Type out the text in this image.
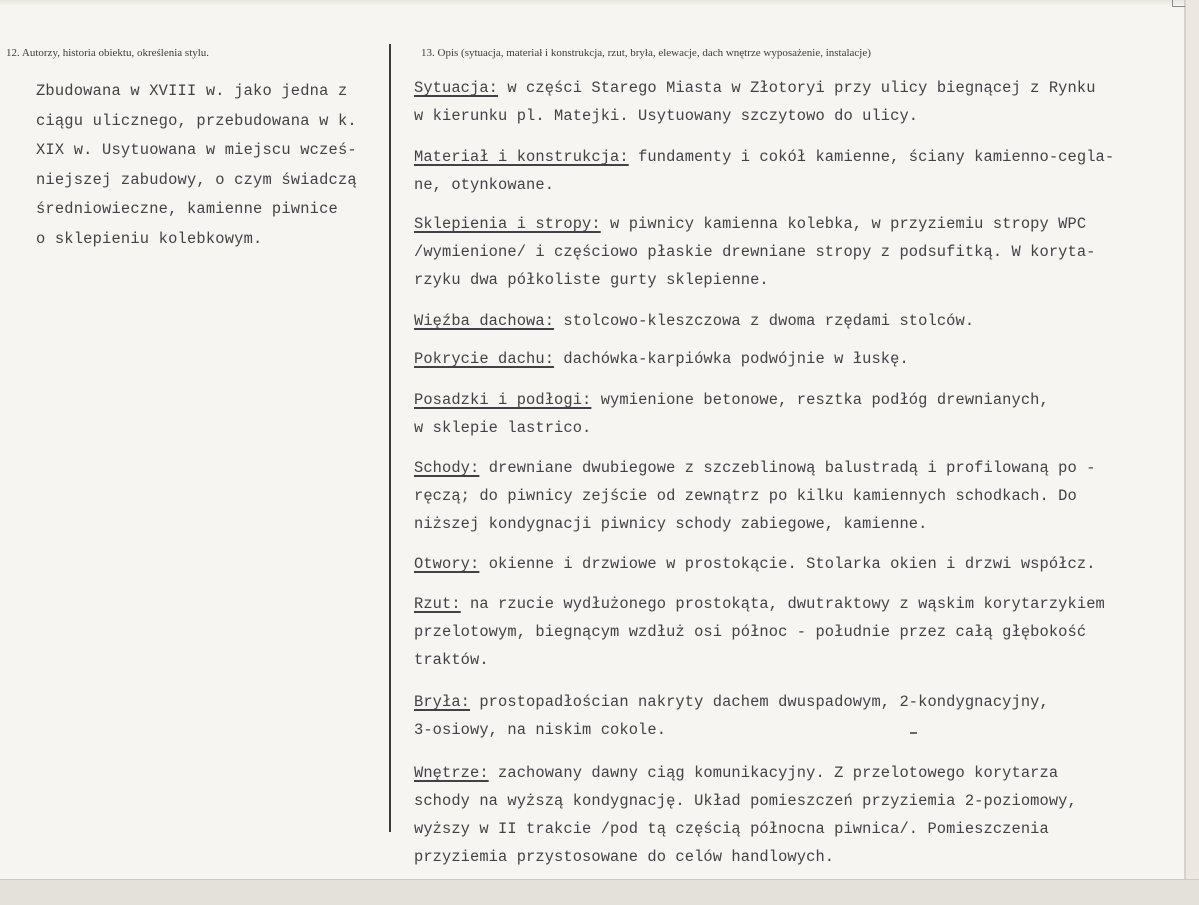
12. Autorzy, historia obiektu, określenia stylu.	13. Opis (sytuacja, materiał i konstrukcja, rzut, bryła, elewacje, dach wnętrze wyposażenie, instalacje)
Zbudowana w XVIII w. jako jedna z
ciągu ulicznego, przebudowana w k.
XIX w. Usytuowana w miejscu wcześ-
niejszej zabudowy, o czym świadczą
średniowieczne, kamienne piwnice
o sklepieniu kolebkowym.
Sytuacja: w części Starego Miasta w Złotoryi przy ulicy biegnącej z Rynku
w kierunku pl. Matejki. Usytuowany szczytowo do ulicy.
Materiał i konstrukcja: fundamenty i cokół kamienne, ściany kamienno-cegla-
ne, otynkowane.
Sklepienia i stropy: w piwnicy kamienna kolebka, w przyziemiu stropy WPC
/wymienione/ i częściowo płaskie drewniane stropy z podsufitką. W koryta-
rzyku dwa półkoliste gurty sklepienne.
Więźba dachowa: stolcowo-kleszczowa z dwoma rzędami stolców.
Pokrycie dachu: dachówka-karpiówka podwójnie w łuskę.
Posadzki i podłogi: wymienione betonowe, resztka podłóg drewnianych,
w sklepie lastrico.
Schody: drewniane dwubiegowe z szczeblinową balustradą i profilowaną po -
ręczą; do piwnicy zejście od zewnątrz po kilku kamiennych schodkach. Do
niższej kondygnacji piwnicy schody zabiegowe, kamienne.
Otwory: okienne i drzwiowe w prostokącie. Stolarka okien i drzwi współcz.
Rzut: na rzucie wydłużonego prostokąta, dwutraktowy z wąskim korytarzykiem
przelotowym, biegnącym wzdłuż osi północ - południe przez całą głębokość
traktów.
Bryła: prostopadłościan nakryty dachem dwuspadowym, 2-kondygnacyjny,
3-osiowy, na niskim cokole.
Wnętrze: zachowany dawny ciąg komunikacyjny. Z przelotowego korytarza
schody na wyższą kondygnację. Układ pomieszczeń przyziemia 2-poziomowy,
wyższy w II trakcie /pod tą częścią północna piwnica/. Pomieszczenia
przyziemia przystosowane do celów handlowych.
